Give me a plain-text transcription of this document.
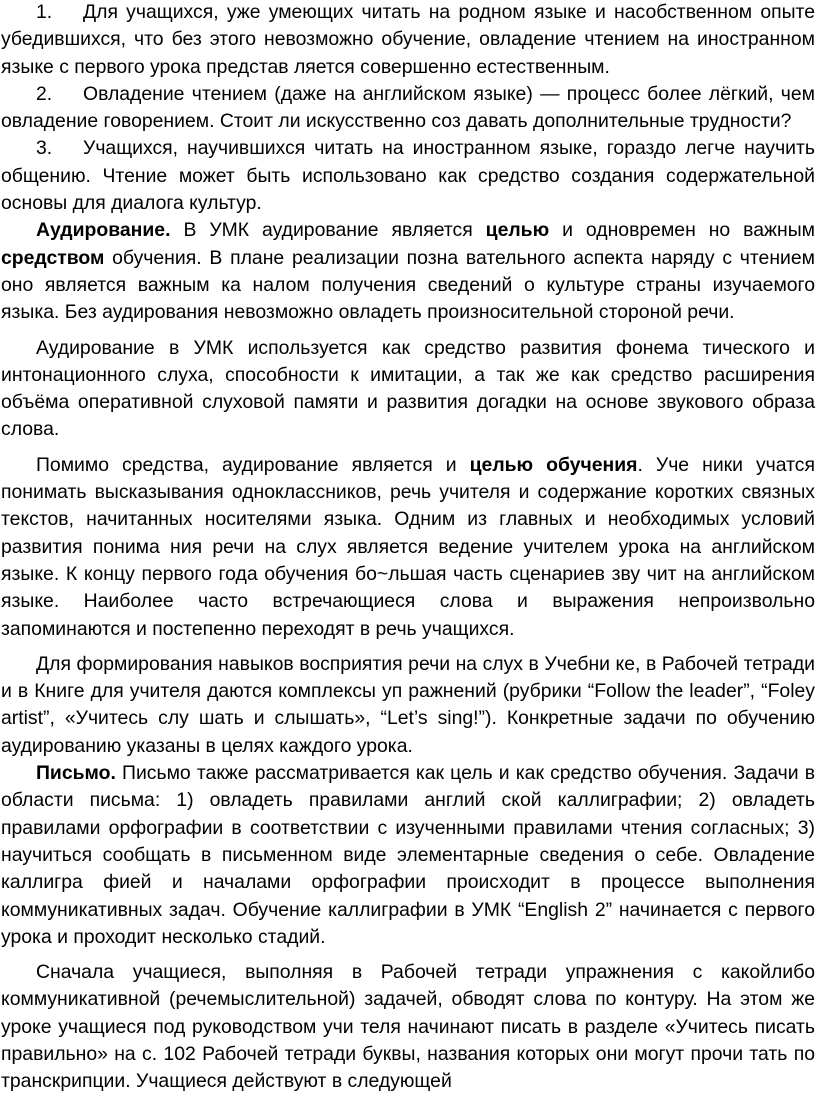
1. Для учащихся, уже умеющих читать на родном языке и насобственном опыте убедившихся, что без этого невозможно обучение, овладение чтением на иностранном языке с первого урока представ ляется совершенно естественным.

2. Овладение чтением (даже на английском языке) — процесс более лёгкий, чем овладение говорением. Стоит ли искусственно соз давать дополнительные трудности?

3. Учащихся, научившихся читать на иностранном языке, гораздо легче научить общению. Чтение может быть использовано как средство создания содержательной основы для диалога культур.

Аудирование. В УМК аудирование является целью и одновремен но важным средством обучения. В плане реализации позна вательного аспекта наряду с чтением оно является важным ка налом получения сведений о культуре страны изучаемого языка. Без аудирования невозможно овладеть произносительной стороной речи.

Аудирование в УМК используется как средство развития фонема тического и интонационного слуха, способности к имитации, а так же как средство расширения объёма оперативной слуховой памяти и развития догадки на основе звукового образа слова.

Помимо средства, аудирование является и целью обучения. Уче ники учатся понимать высказывания одноклассников, речь учителя и содержание коротких связных текстов, начитанных носителями языка. Одним из главных и необходимых условий развития понима ния речи на слух является ведение учителем урока на английском языке. К концу первого года обучения бо~льшая часть сценариев зву чит на английском языке. Наиболее часто встречающиеся слова и выражения непроизвольно запоминаются и постепенно переходят в речь учащихся.

Для формирования навыков восприятия речи на слух в Учебни ке, в Рабочей тетради и в Книге для учителя даются комплексы уп ражнений (рубрики “Follow the leader”, “Foley artist”, «Учитесь слу шать и слышать», “Let’s sing!”). Конкретные задачи по обучению аудированию указаны в целях каждого урока.

Письмо. Письмо также рассматривается как цель и как средство обучения. Задачи в области письма: 1) овладеть правилами англий ской каллиграфии; 2) овладеть правилами орфографии в соответствии с изученными правилами чтения согласных; 3) научиться сообщать в письменном виде элементарные сведения о себе. Овладение каллигра фией и началами орфографии происходит в процессе выполнения коммуникативных задач. Обучение каллиграфии в УМК “English 2” начинается с первого урока и проходит несколько стадий.

Сначала учащиеся, выполняя в Рабочей тетради упражнения с какойлибо коммуникативной (речемыслительной) задачей, обводят слова по контуру. На этом же уроке учащиеся под руководством учи теля начинают писать в разделе «Учитесь писать правильно» на с. 102 Рабочей тетради буквы, названия которых они могут прочи тать по транскрипции. Учащиеся действуют в следующей
